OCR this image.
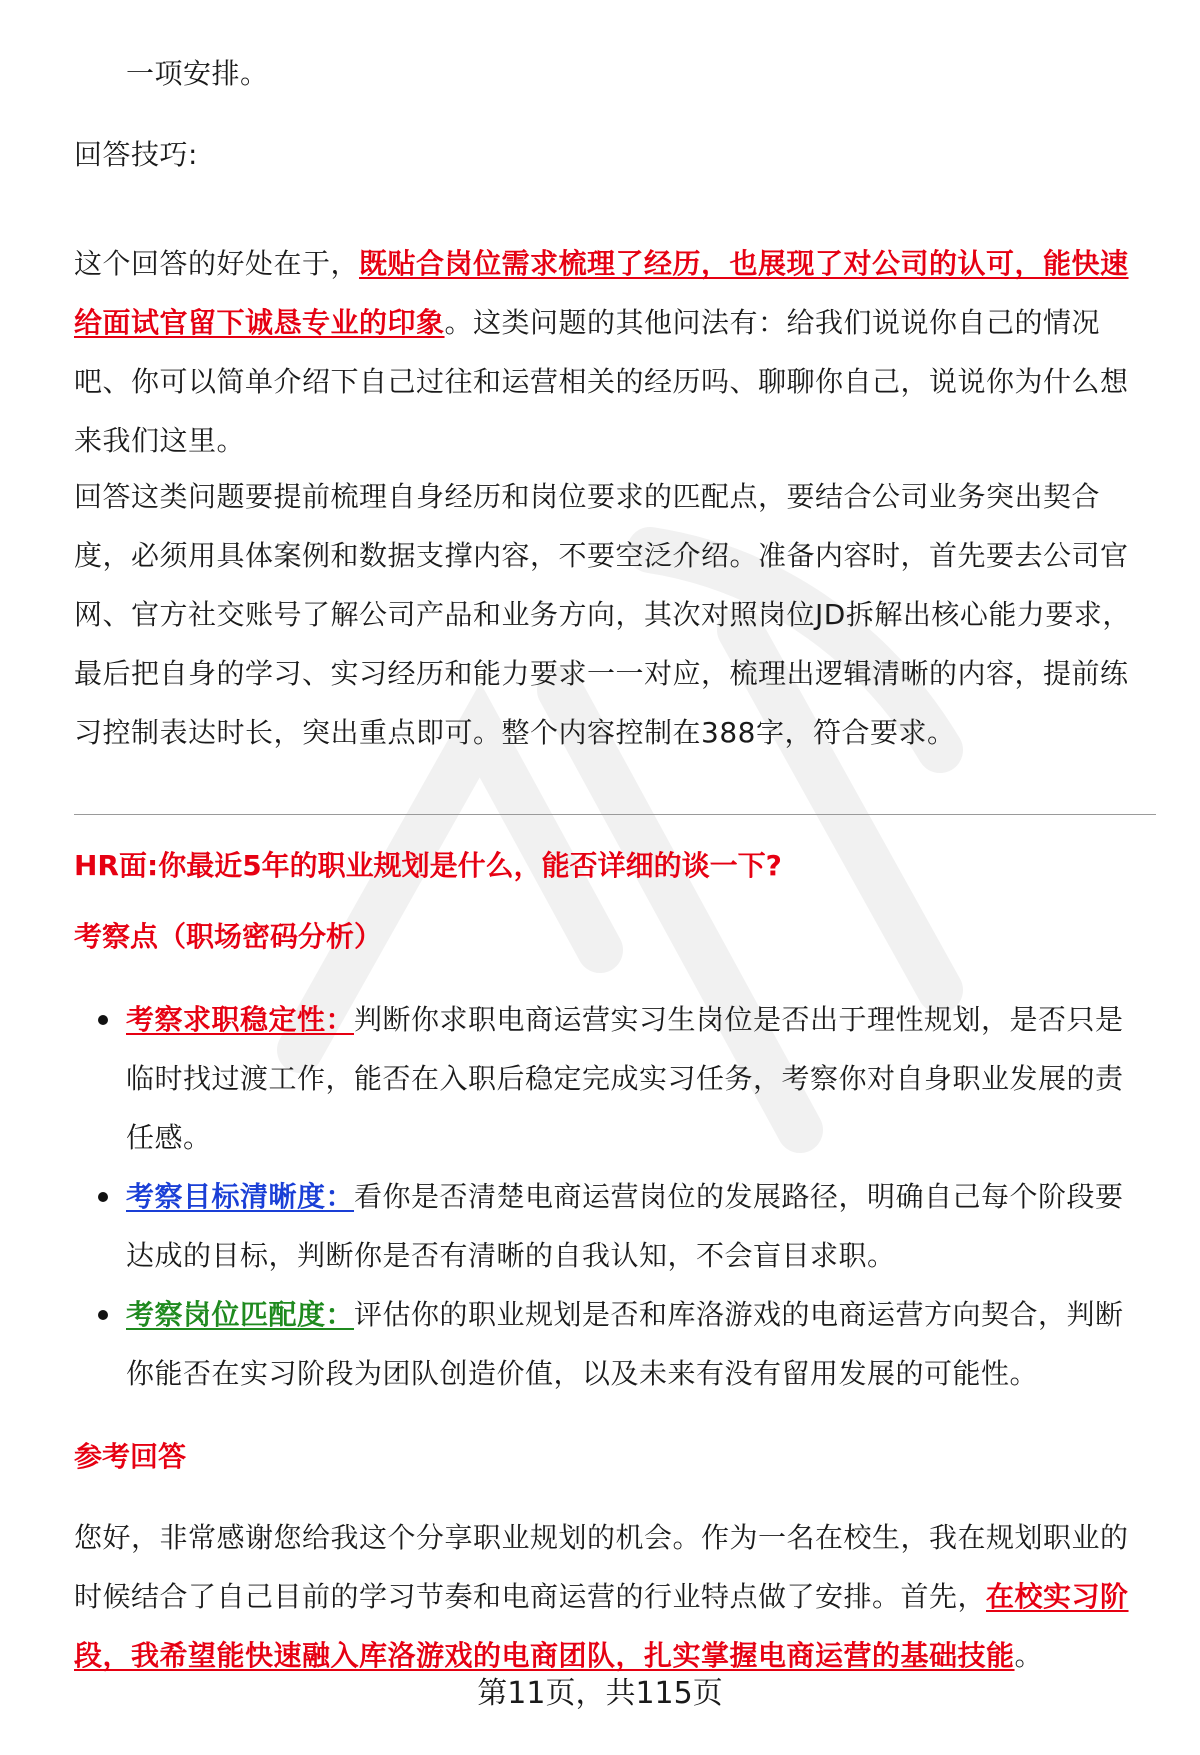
一项安排。

回答技巧:

这个回答的好处在于，既贴合岗位需求梳理了经历，也展现了对公司的认可，能快速给面试官留下诚恳专业的印象。这类问题的其他问法有：给我们说说你自己的情况吧、你可以简单介绍下自己过往和运营相关的经历吗、聊聊你自己，说说你为什么想来我们这里。

回答这类问题要提前梳理自身经历和岗位要求的匹配点，要结合公司业务突出契合度，必须用具体案例和数据支撑内容，不要空泛介绍。准备内容时，首先要去公司官网、官方社交账号了解公司产品和业务方向，其次对照岗位JD拆解出核心能力要求，最后把自身的学习、实习经历和能力要求一一对应，梳理出逻辑清晰的内容，提前练习控制表达时长，突出重点即可。整个内容控制在388字，符合要求。

HR面:你最近5年的职业规划是什么，能否详细的谈一下?
考察点（职场密码分析）
考察求职稳定性：判断你求职电商运营实习生岗位是否出于理性规划，是否只是临时找过渡工作，能否在入职后稳定完成实习任务，考察你对自身职业发展的责任感。
考察目标清晰度：看你是否清楚电商运营岗位的发展路径，明确自己每个阶段要达成的目标，判断你是否有清晰的自我认知，不会盲目求职。
考察岗位匹配度：评估你的职业规划是否和库洛游戏的电商运营方向契合，判断你能否在实习阶段为团队创造价值，以及未来有没有留用发展的可能性。
参考回答

您好，非常感谢您给我这个分享职业规划的机会。作为一名在校生，我在规划职业的时候结合了自己目前的学习节奏和电商运营的行业特点做了安排。首先，在校实习阶段，我希望能快速融入库洛游戏的电商团队，扎实掌握电商运营的基础技能。

第11页，共115页
